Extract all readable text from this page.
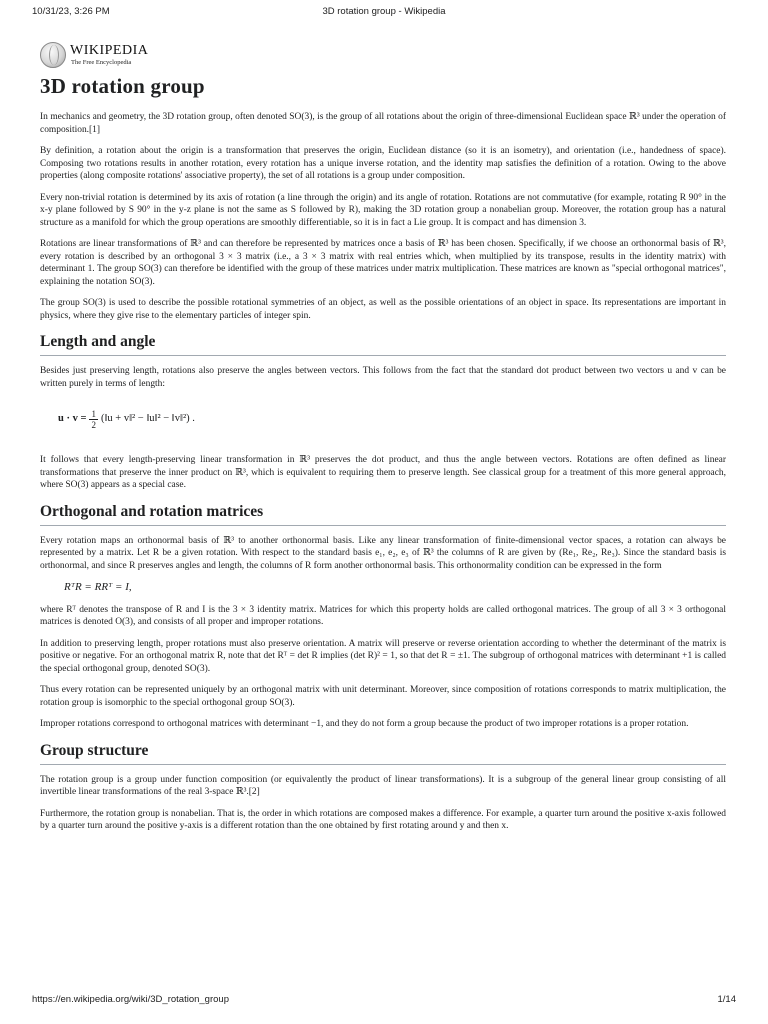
10/31/23, 3:26 PM	3D rotation group - Wikipedia
WIKIPEDIA
The Free Encyclopedia
3D rotation group

In mechanics and geometry, the 3D rotation group, often denoted SO(3), is the group of all rotations about the origin of three-dimensional Euclidean space ℝ³ under the operation of composition.[1]

By definition, a rotation about the origin is a transformation that preserves the origin, Euclidean distance (so it is an isometry), and orientation (i.e., handedness of space). Composing two rotations results in another rotation, every rotation has a unique inverse rotation, and the identity map satisfies the definition of a rotation. Owing to the above properties (along composite rotations' associative property), the set of all rotations is a group under composition.

Every non-trivial rotation is determined by its axis of rotation (a line through the origin) and its angle of rotation. Rotations are not commutative (for example, rotating R 90° in the x-y plane followed by S 90° in the y-z plane is not the same as S followed by R), making the 3D rotation group a nonabelian group. Moreover, the rotation group has a natural structure as a manifold for which the group operations are smoothly differentiable, so it is in fact a Lie group. It is compact and has dimension 3.

Rotations are linear transformations of ℝ³ and can therefore be represented by matrices once a basis of ℝ³ has been chosen. Specifically, if we choose an orthonormal basis of ℝ³, every rotation is described by an orthogonal 3 × 3 matrix (i.e., a 3 × 3 matrix with real entries which, when multiplied by its transpose, results in the identity matrix) with determinant 1. The group SO(3) can therefore be identified with the group of these matrices under matrix multiplication. These matrices are known as "special orthogonal matrices", explaining the notation SO(3).

The group SO(3) is used to describe the possible rotational symmetries of an object, as well as the possible orientations of an object in space. Its representations are important in physics, where they give rise to the elementary particles of integer spin.

Length and angle

Besides just preserving length, rotations also preserve the angles between vectors. This follows from the fact that the standard dot product between two vectors u and v can be written purely in terms of length:

$u \cdot v = \frac{1}{2}$ (‖u + v‖² − ‖u‖² − ‖v‖²) .

It follows that every length-preserving linear transformation in ℝ³ preserves the dot product, and thus the angle between vectors. Rotations are often defined as linear transformations that preserve the inner product on ℝ³, which is equivalent to requiring them to preserve length. See classical group for a treatment of this more general approach, where SO(3) appears as a special case.

Orthogonal and rotation matrices

Every rotation maps an orthonormal basis of ℝ³ to another orthonormal basis. Like any linear transformation of finite-dimensional vector spaces, a rotation can always be represented by a matrix. Let R be a given rotation. With respect to the standard basis e₁, e₂, e₃ of ℝ³ the columns of R are given by (Re₁, Re₂, Re₃). Since the standard basis is orthonormal, and since R preserves angles and length, the columns of R form another orthonormal basis. This orthonormality condition can be expressed in the form

RᵀR = RRᵀ = I,

where Rᵀ denotes the transpose of R and I is the 3 × 3 identity matrix. Matrices for which this property holds are called orthogonal matrices. The group of all 3 × 3 orthogonal matrices is denoted O(3), and consists of all proper and improper rotations.

In addition to preserving length, proper rotations must also preserve orientation. A matrix will preserve or reverse orientation according to whether the determinant of the matrix is positive or negative. For an orthogonal matrix R, note that det Rᵀ = det R implies (det R)² = 1, so that det R = ±1. The subgroup of orthogonal matrices with determinant +1 is called the special orthogonal group, denoted SO(3).

Thus every rotation can be represented uniquely by an orthogonal matrix with unit determinant. Moreover, since composition of rotations corresponds to matrix multiplication, the rotation group is isomorphic to the special orthogonal group SO(3).

Improper rotations correspond to orthogonal matrices with determinant −1, and they do not form a group because the product of two improper rotations is a proper rotation.

Group structure

The rotation group is a group under function composition (or equivalently the product of linear transformations). It is a subgroup of the general linear group consisting of all invertible linear transformations of the real 3-space ℝ³.[2]

Furthermore, the rotation group is nonabelian. That is, the order in which rotations are composed makes a difference. For example, a quarter turn around the positive x-axis followed by a quarter turn around the positive y-axis is a different rotation than the one obtained by first rotating around y and then x.

https://en.wikipedia.org/wiki/3D_rotation_group	1/14
